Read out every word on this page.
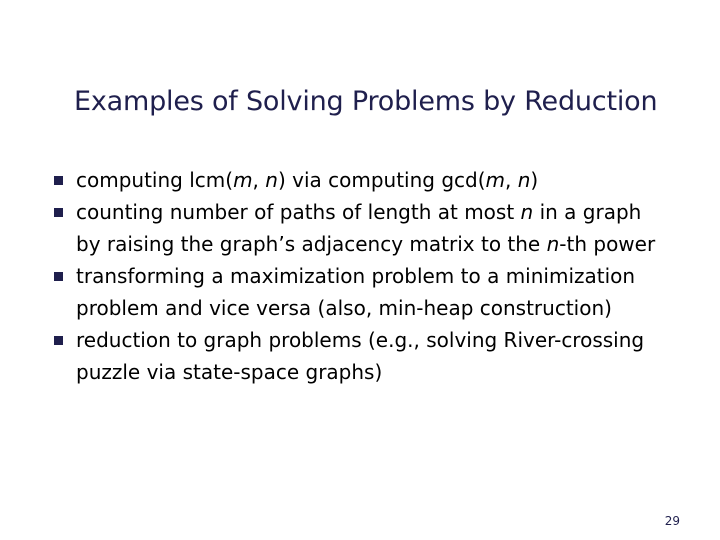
Examples of Solving Problems by Reduction
computing lcm(m, n) via computing gcd(m, n)
counting number of paths of length at most n in a graph
by raising the graph’s adjacency matrix to the n-th power
transforming a maximization problem to a minimization
problem and vice versa (also, min-heap construction)
reduction to graph problems (e.g., solving River-crossing
puzzle via state-space graphs)
29
